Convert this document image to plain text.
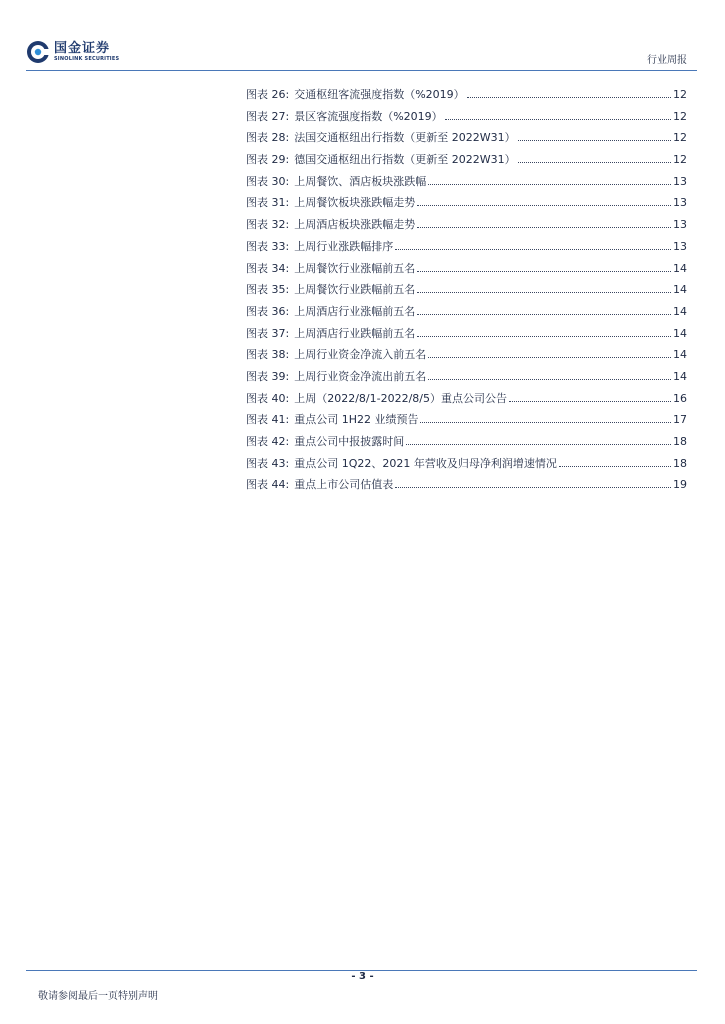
国金证券
SINOLINK SECURITIES	行业周报
图表 26: 交通枢纽客流强度指数（%2019）	12
图表 27: 景区客流强度指数（%2019）	12
图表 28: 法国交通枢纽出行指数（更新至 2022W31）	12
图表 29: 德国交通枢纽出行指数（更新至 2022W31）	12
图表 30: 上周餐饮、酒店板块涨跌幅	13
图表 31: 上周餐饮板块涨跌幅走势	13
图表 32: 上周酒店板块涨跌幅走势	13
图表 33: 上周行业涨跌幅排序	13
图表 34: 上周餐饮行业涨幅前五名	14
图表 35: 上周餐饮行业跌幅前五名	14
图表 36: 上周酒店行业涨幅前五名	14
图表 37: 上周酒店行业跌幅前五名	14
图表 38: 上周行业资金净流入前五名	14
图表 39: 上周行业资金净流出前五名	14
图表 40: 上周（2022/8/1-2022/8/5）重点公司公告	16
图表 41: 重点公司 1H22 业绩预告	17
图表 42: 重点公司中报披露时间	18
图表 43: 重点公司 1Q22、2021 年营收及归母净利润增速情况	18
图表 44: 重点上市公司估值表	19
- 3 -
敬请参阅最后一页特别声明
